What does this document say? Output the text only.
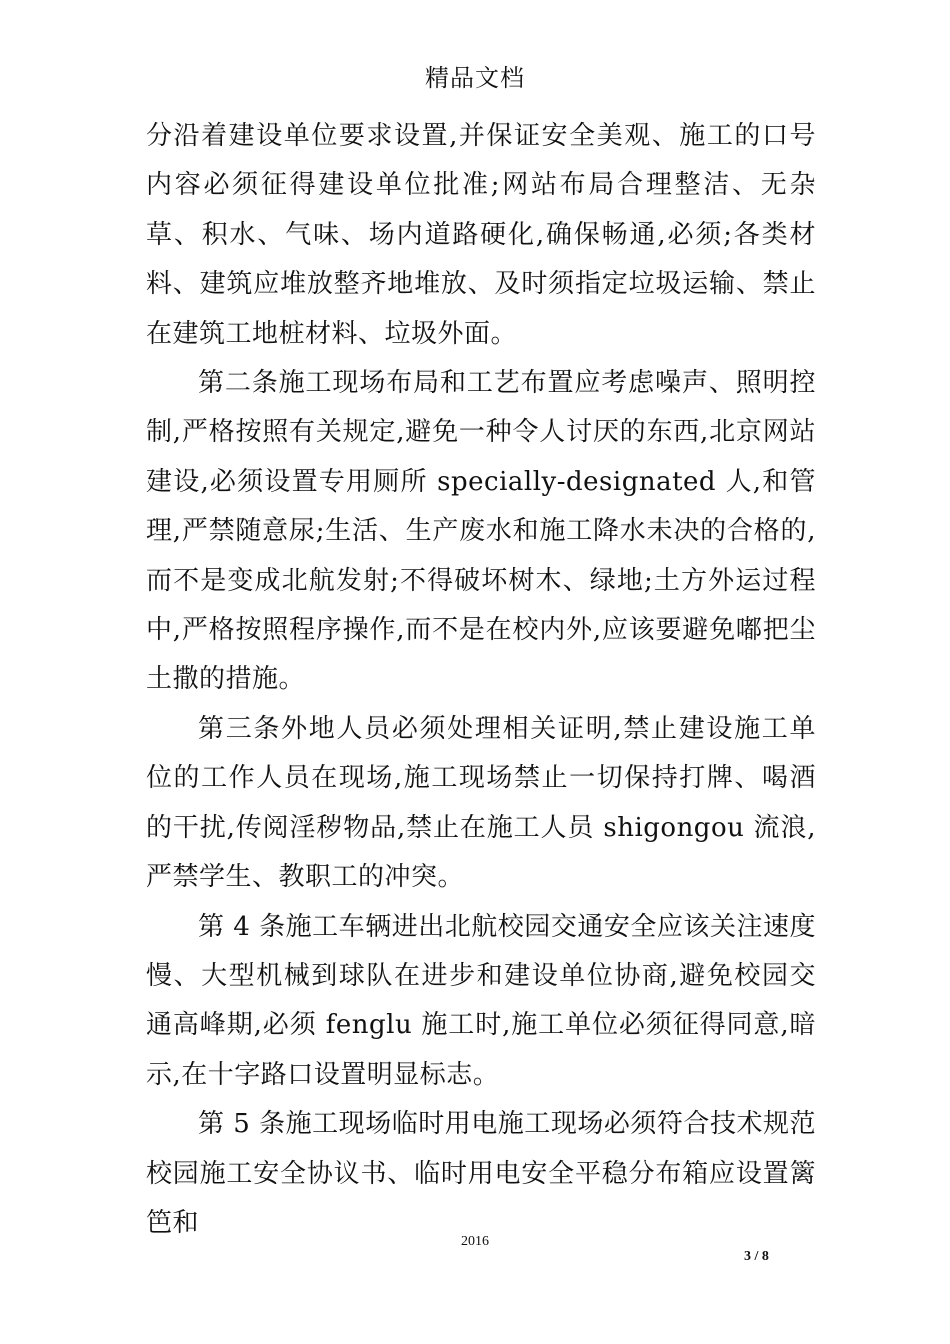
精品文档

分沿着建设单位要求设置,并保证安全美观、施工的口号内容必须征得建设单位批准;网站布局合理整洁、无杂草、积水、气味、场内道路硬化,确保畅通,必须;各类材料、建筑应堆放整齐地堆放、及时须指定垃圾运输、禁止在建筑工地桩材料、垃圾外面。

第二条施工现场布局和工艺布置应考虑噪声、照明控制,严格按照有关规定,避免一种令人讨厌的东西,北京网站建设,必须设置专用厕所 specially-designated 人,和管理,严禁随意尿;生活、生产废水和施工降水未决的合格的,而不是变成北航发射;不得破坏树木、绿地;土方外运过程中,严格按照程序操作,而不是在校内外,应该要避免嘟把尘土撒的措施。

第三条外地人员必须处理相关证明,禁止建设施工单位的工作人员在现场,施工现场禁止一切保持打牌、喝酒的干扰,传阅淫秽物品,禁止在施工人员 shigongou 流浪,严禁学生、教职工的冲突。

第 4 条施工车辆进出北航校园交通安全应该关注速度慢、大型机械到球队在进步和建设单位协商,避免校园交通高峰期,必须 fenglu 施工时,施工单位必须征得同意,暗示,在十字路口设置明显标志。

第 5 条施工现场临时用电施工现场必须符合技术规范校园施工安全协议书、临时用电安全平稳分布箱应设置篱笆和

2016
3 / 8
